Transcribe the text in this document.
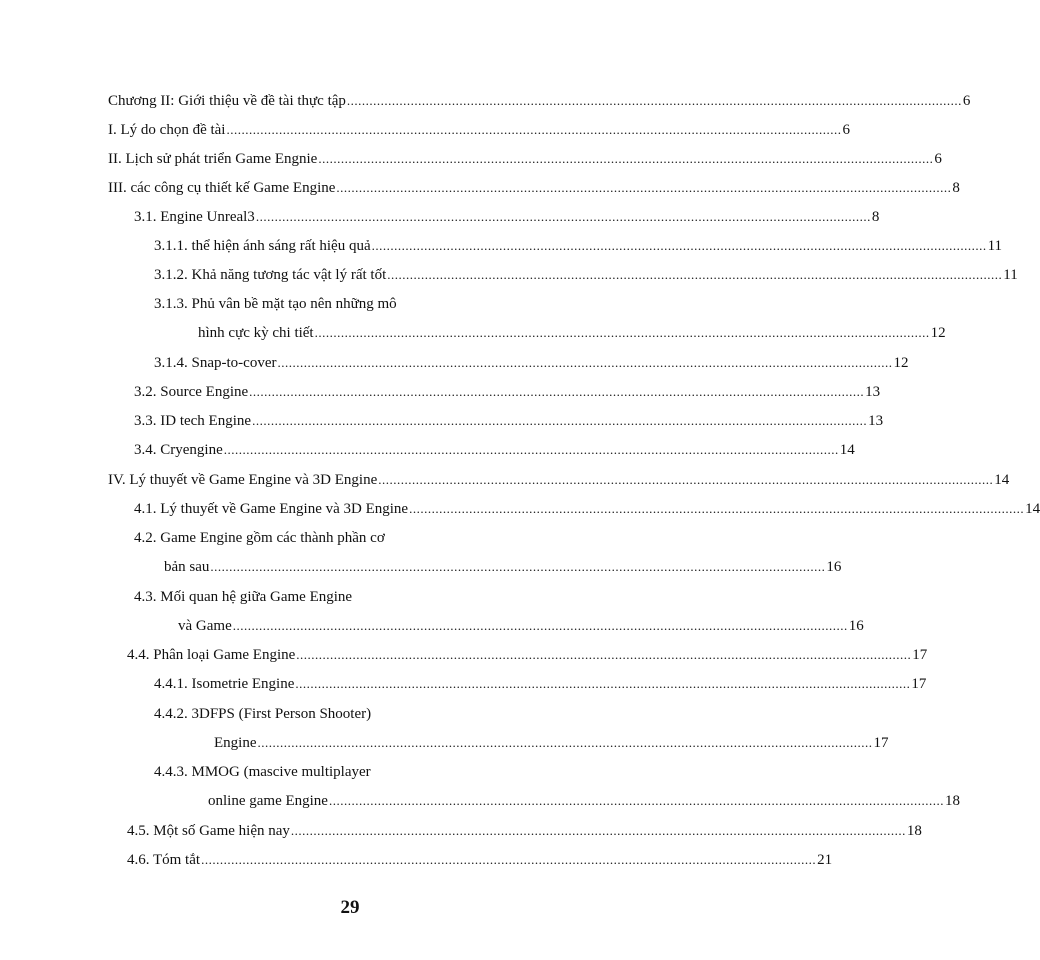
Chương II: Giới thiệu về đề tài thực tập .................................................................................................................................................................... 6
I. Lý do chọn đề tài .................................................................................................................................................................... 6
II. Lịch sử phát triển Game Engnie .................................................................................................................................................................... 6
III. các công cụ thiết kế Game Engine .................................................................................................................................................................... 8
3.1. Engine Unreal3 .................................................................................................................................................................... 8
3.1.1. thể hiện ánh sáng rất hiệu quả .................................................................................................................................................................... 11
3.1.2. Khả năng tương tác vật lý rất tốt .................................................................................................................................................................... 11
3.1.3. Phủ vân bề mặt tạo nên những mô
hình cực kỳ chi tiết .................................................................................................................................................................... 12
3.1.4. Snap-to-cover .................................................................................................................................................................... 12
3.2. Source Engine .................................................................................................................................................................... 13
3.3. ID tech Engine .................................................................................................................................................................... 13
3.4. Cryengine .................................................................................................................................................................... 14
IV. Lý thuyết về Game Engine và 3D Engine .................................................................................................................................................................... 14
4.1. Lý thuyết về Game Engine và 3D Engine .................................................................................................................................................................... 14
4.2. Game Engine gồm các thành phần cơ
bản sau .................................................................................................................................................................... 16
4.3. Mối quan hệ giữa Game Engine
và Game .................................................................................................................................................................... 16
4.4. Phân loại Game Engine .................................................................................................................................................................... 17
4.4.1. Isometrie Engine .................................................................................................................................................................... 17
4.4.2. 3DFPS (First Person Shooter)
Engine .................................................................................................................................................................... 17
4.4.3. MMOG (mascive multiplayer
online game Engine .................................................................................................................................................................... 18
4.5. Một số Game hiện nay .................................................................................................................................................................... 18
4.6. Tóm tắt .................................................................................................................................................................... 21
29
